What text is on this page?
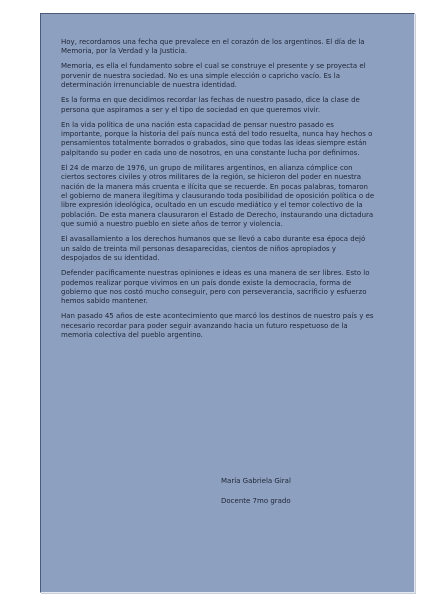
Hoy, recordamos una fecha que prevalece en el corazón de los argentinos. El día de la Memoria, por la Verdad y la Justicia.

Memoria, es ella el fundamento sobre el cual se construye el presente y se proyecta el porvenir de nuestra sociedad. No es una simple elección o capricho vacío. Es la determinación irrenunciable de nuestra identidad.

Es la forma en que decidimos recordar las fechas de nuestro pasado, dice la clase de persona que aspiramos a ser y el tipo de sociedad en que queremos vivir.

En la vida política de una nación esta capacidad de pensar nuestro pasado es importante, porque la historia del país nunca está del todo resuelta, nunca hay hechos o pensamientos totalmente borrados o grabados, sino que todas las ideas siempre están palpitando su poder en cada uno de nosotros, en una constante lucha por definirnos.

El 24 de marzo de 1976, un grupo de militares argentinos, en alianza cómplice con ciertos sectores civiles y otros militares de la región, se hicieron del poder en nuestra nación de la manera más cruenta e ilícita que se recuerde. En pocas palabras, tomaron el gobierno de manera ilegítima y clausurando toda posibilidad de oposición política o de libre expresión ideológica, ocultado en un escudo mediático y el temor colectivo de la población. De esta manera clausuraron el Estado de Derecho, instaurando una dictadura que sumió a nuestro pueblo en siete años de terror y violencia.

El avasallamiento a los derechos humanos que se llevó a cabo durante esa época dejó un saldo de treinta mil personas desaparecidas, cientos de niños apropiados y despojados de su identidad.

Defender pacíficamente nuestras opiniones e ideas es una manera de ser libres. Esto lo podemos realizar porque vivimos en un país donde existe la democracia, forma de gobierno que nos costó mucho conseguir, pero con perseverancia, sacrificio y esfuerzo hemos sabido mantener.

Han pasado 45 años de este acontecimiento que marcó los destinos de nuestro país y es necesario recordar para poder seguir avanzando hacia un futuro respetuoso de la memoria colectiva del pueblo argentino.

María Gabriela Giral
Docente 7mo grado
